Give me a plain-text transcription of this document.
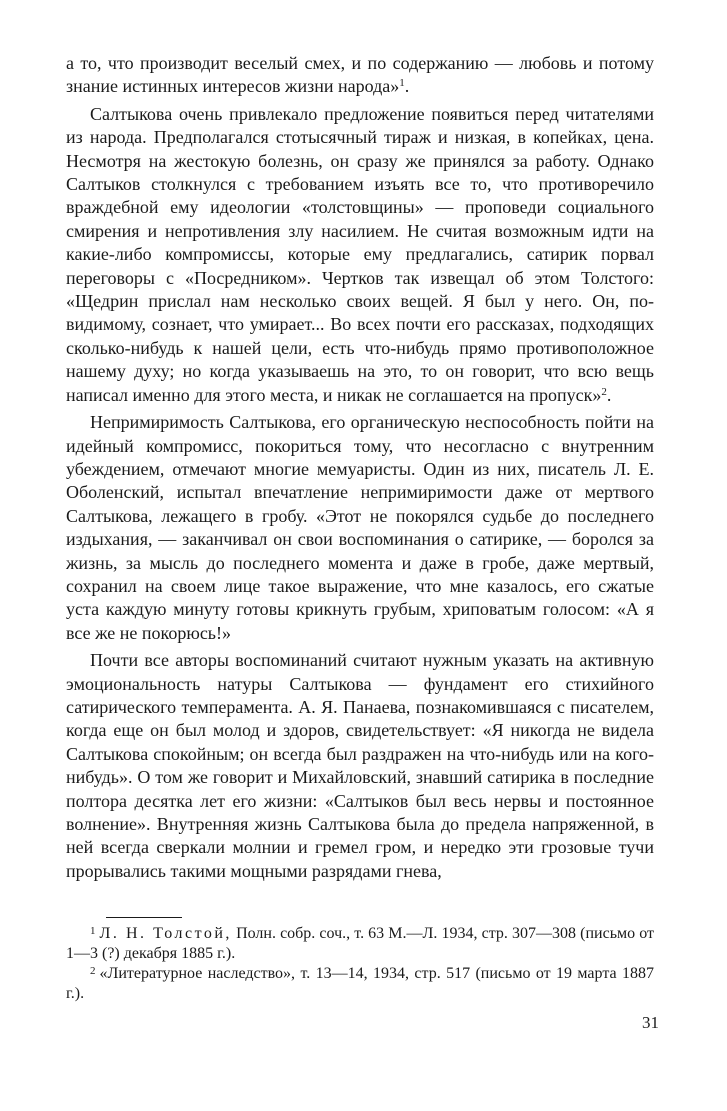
а то, что производит веселый смех, и по содержанию — любовь и потому знание истинных интересов жизни народа»$^1$.

Салтыкова очень привлекало предложение появиться перед читателями из народа. Предполагался стотысячный тираж и низкая, в копейках, цена. Несмотря на жестокую болезнь, он сразу же принялся за работу. Однако Салтыков столкнулся с требованием изъять все то, что противоречило враждебной ему идеологии «толстовщины» — проповеди социального смирения и непротивления злу насилием. Не считая возможным идти на какие-либо компромиссы, которые ему предлагались, сатирик порвал переговоры с «Посредником». Чертков так извещал об этом Толстого: «Щедрин прислал нам несколько своих вещей. Я был у него. Он, по-видимому, сознает, что умирает... Во всех почти его рассказах, подходящих сколько-нибудь к нашей цели, есть что-нибудь прямо противоположное нашему духу; но когда указываешь на это, то он говорит, что всю вещь написал именно для этого места, и никак не соглашается на пропуск»$^2$.

Непримиримость Салтыкова, его органическую неспособность пойти на идейный компромисс, покориться тому, что несогласно с внутренним убеждением, отмечают многие мемуаристы. Один из них, писатель Л. Е. Оболенский, испытал впечатление непримиримости даже от мертвого Салтыкова, лежащего в гробу. «Этот не покорялся судьбе до последнего издыхания, — заканчивал он свои воспоминания о сатирике, — боролся за жизнь, за мысль до последнего момента и даже в гробе, даже мертвый, сохранил на своем лице такое выражение, что мне казалось, его сжатые уста каждую минуту готовы крикнуть грубым, хриповатым голосом: «А я все же не покорюсь!»

Почти все авторы воспоминаний считают нужным указать на активную эмоциональность натуры Салтыкова — фундамент его стихийного сатирического темперамента. А. Я. Панаева, познакомившаяся с писателем, когда еще он был молод и здоров, свидетельствует: «Я никогда не видела Салтыкова спокойным; он всегда был раздражен на что-нибудь или на кого-нибудь». О том же говорит и Михайловский, знавший сатирика в последние полтора десятка лет его жизни: «Салтыков был весь нервы и постоянное волнение». Внутренняя жизнь Салтыкова была до предела напряженной, в ней всегда сверкали молнии и гремел гром, и нередко эти грозовые тучи прорывались такими мощными разрядами гнева,

$^1$ Л. Н. Толстой, Полн. собр. соч., т. 63 М.—Л. 1934, стр. 307—308 (письмо от 1—3 (?) декабря 1885 г.).

$^2$ «Литературное наследство», т. 13—14, 1934, стр. 517 (письмо от 19 марта 1887 г.).

31
